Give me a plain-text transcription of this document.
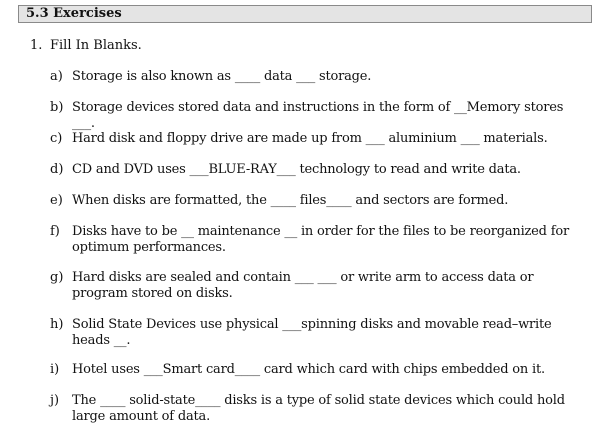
5.3 Exercises
1. Fill In Blanks.
a) Storage is also known as ____ data ___ storage.
b) Storage devices stored data and instructions in the form of __Memory stores ___.
c) Hard disk and floppy drive are made up from ___ aluminium ___ materials.
d) CD and DVD uses ___BLUE-RAY___ technology to read and write data.
e) When disks are formatted, the ____ files____ and sectors are formed.
f) Disks have to be __ maintenance __ in order for the files to be reorganized for optimum performances.
g) Hard disks are sealed and contain ___ ___ or write arm to access data or program stored on disks.
h) Solid State Devices use physical ___spinning disks and movable read–write heads __.
i) Hotel uses ___Smart card____ card which card with chips embedded on it.
j) The ____ solid-state____ disks is a type of solid state devices which could hold large amount of data.
